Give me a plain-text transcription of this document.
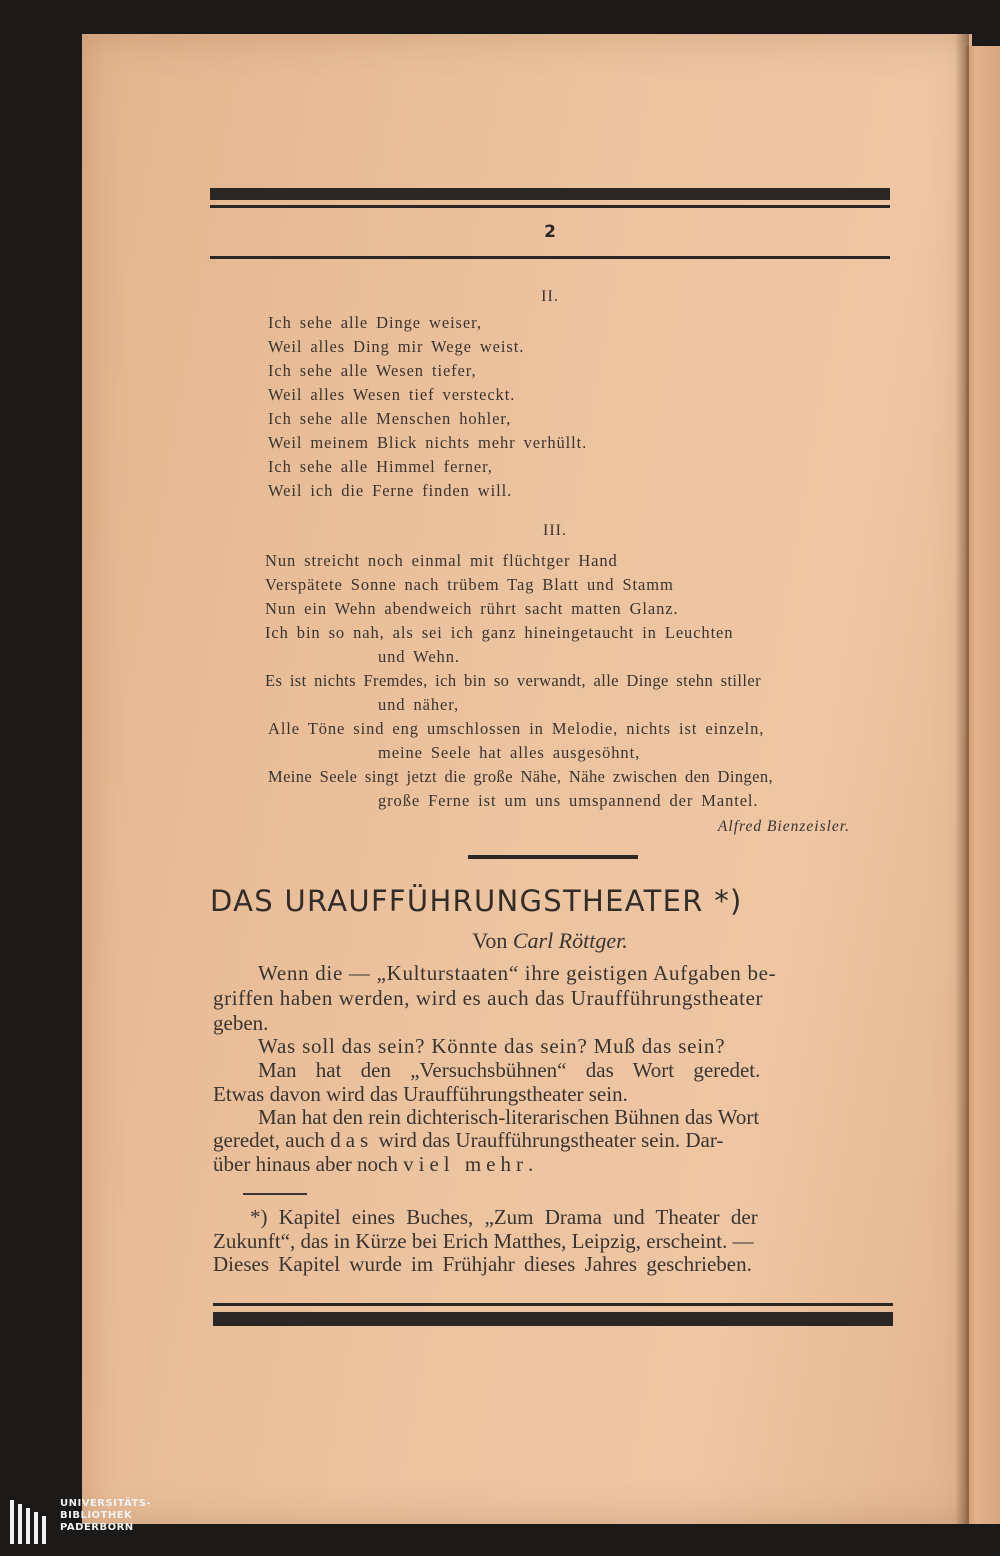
2
II.
Ich sehe alle Dinge weiser,
Weil alles Ding mir Wege weist.
Ich sehe alle Wesen tiefer,
Weil alles Wesen tief versteckt.
Ich sehe alle Menschen hohler,
Weil meinem Blick nichts mehr verhüllt.
Ich sehe alle Himmel ferner,
Weil ich die Ferne finden will.
III.
Nun streicht noch einmal mit flüchtger Hand
Verspätete Sonne nach trübem Tag Blatt und Stamm
Nun ein Wehn abendweich rührt sacht matten Glanz.
Ich bin so nah, als sei ich ganz hineingetaucht in Leuchten
und Wehn.
Es ist nichts Fremdes, ich bin so verwandt, alle Dinge stehn stiller
und näher,
Alle Töne sind eng umschlossen in Melodie, nichts ist einzeln,
meine Seele hat alles ausgesöhnt,
Meine Seele singt jetzt die große Nähe, Nähe zwischen den Dingen,
große Ferne ist um uns umspannend der Mantel.
Alfred Bienzeisler.
DAS URAUFFÜHRUNGSTHEATER *)
Von Carl Röttger.
Wenn die — „Kulturstaaten“ ihre geistigen Aufgaben be-
griffen haben werden, wird es auch das Uraufführungstheater
geben.
Was soll das sein? Könnte das sein? Muß das sein?
Man hat den „Versuchsbühnen“ das Wort geredet.
Etwas davon wird das Uraufführungstheater sein.
Man hat den rein dichterisch-literarischen Bühnen das Wort
geredet, auch das wird das Uraufführungstheater sein. Dar-
über hinaus aber noch viel mehr.
*) Kapitel eines Buches, „Zum Drama und Theater der
Zukunft“, das in Kürze bei Erich Matthes, Leipzig, erscheint. —
Dieses Kapitel wurde im Frühjahr dieses Jahres geschrieben.
UNIVERSITÄTS-
BIBLIOTHEK
PADERBORN
